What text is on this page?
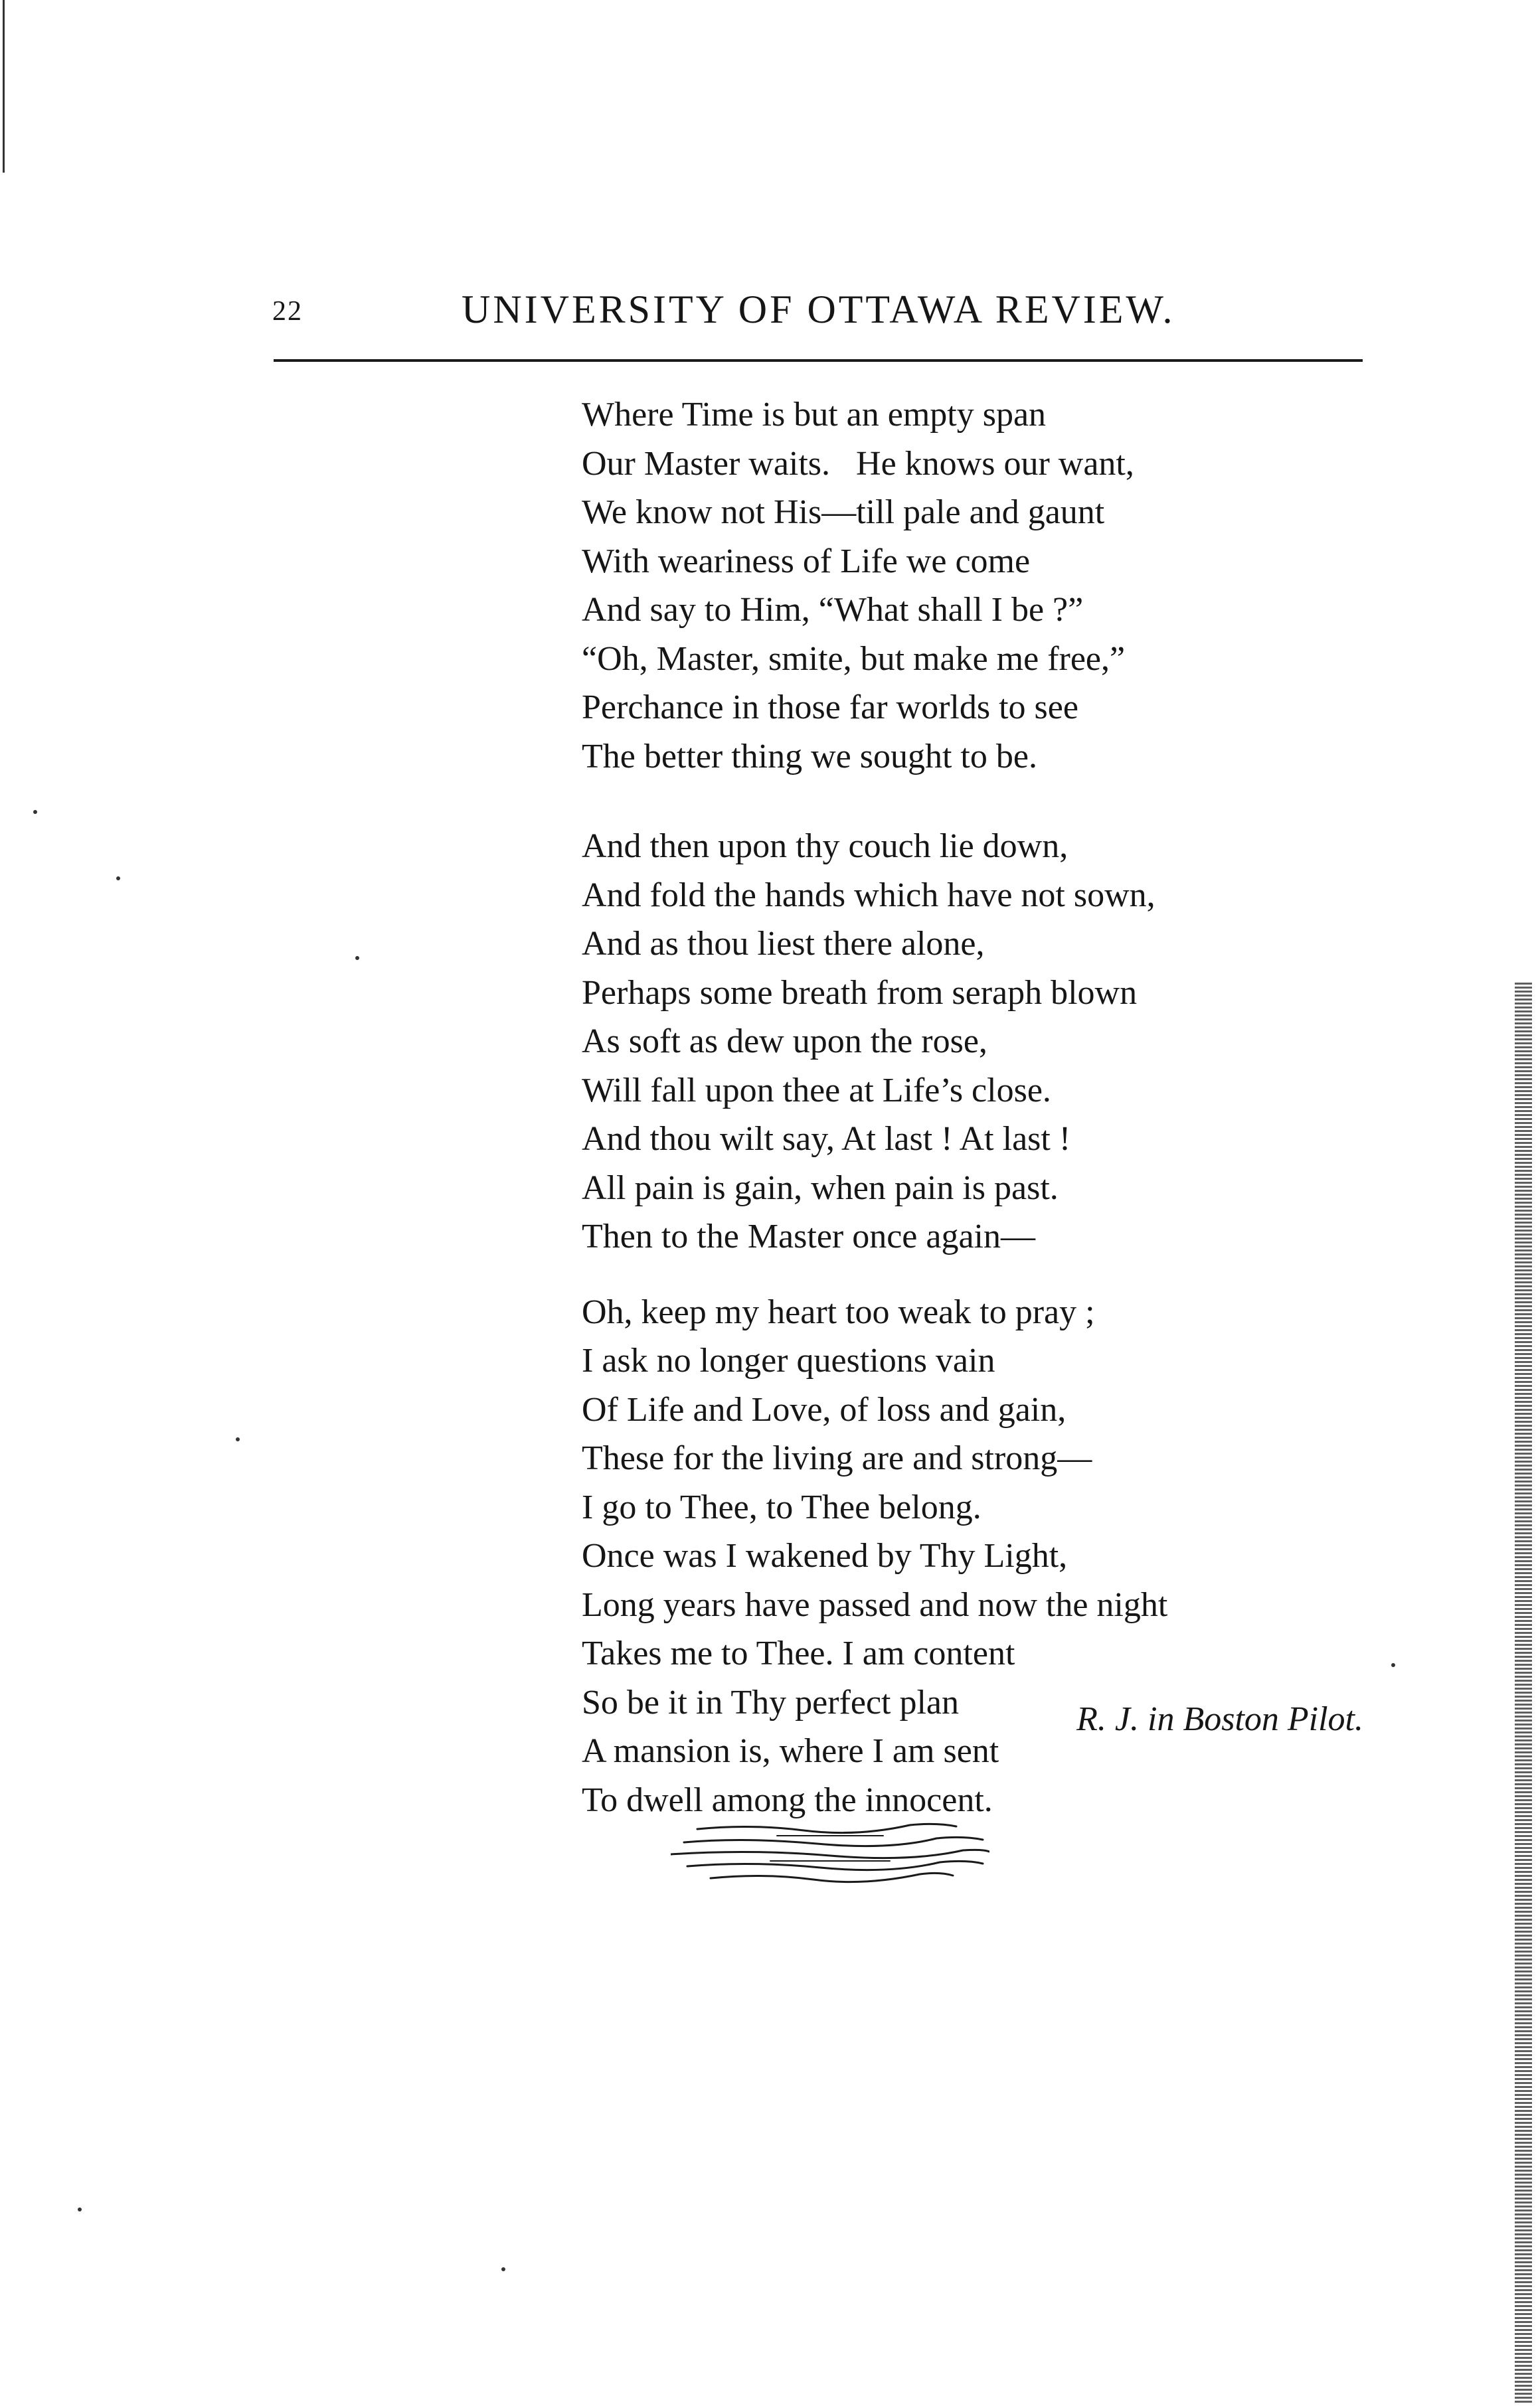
22	UNIVERSITY OF OTTAWA REVIEW.
Where Time is but an empty span
Our Master waits.   He knows our want,
We know not His—till pale and gaunt
With weariness of Life we come
And say to Him, “What shall I be ?”
“Oh, Master, smite, but make me free,”
Perchance in those far worlds to see
The better thing we sought to be.
And then upon thy couch lie down,
And fold the hands which have not sown,
And as thou liest there alone,
Perhaps some breath from seraph blown
As soft as dew upon the rose,
Will fall upon thee at Life’s close.
And thou wilt say, At last ! At last !
All pain is gain, when pain is past.
Then to the Master once again—
Oh, keep my heart too weak to pray ;
I ask no longer questions vain
Of Life and Love, of loss and gain,
These for the living are and strong—
I go to Thee, to Thee belong.
Once was I wakened by Thy Light,
Long years have passed and now the night
Takes me to Thee. I am content
So be it in Thy perfect plan
A mansion is, where I am sent
To dwell among the innocent.
R. J. in Boston Pilot.
